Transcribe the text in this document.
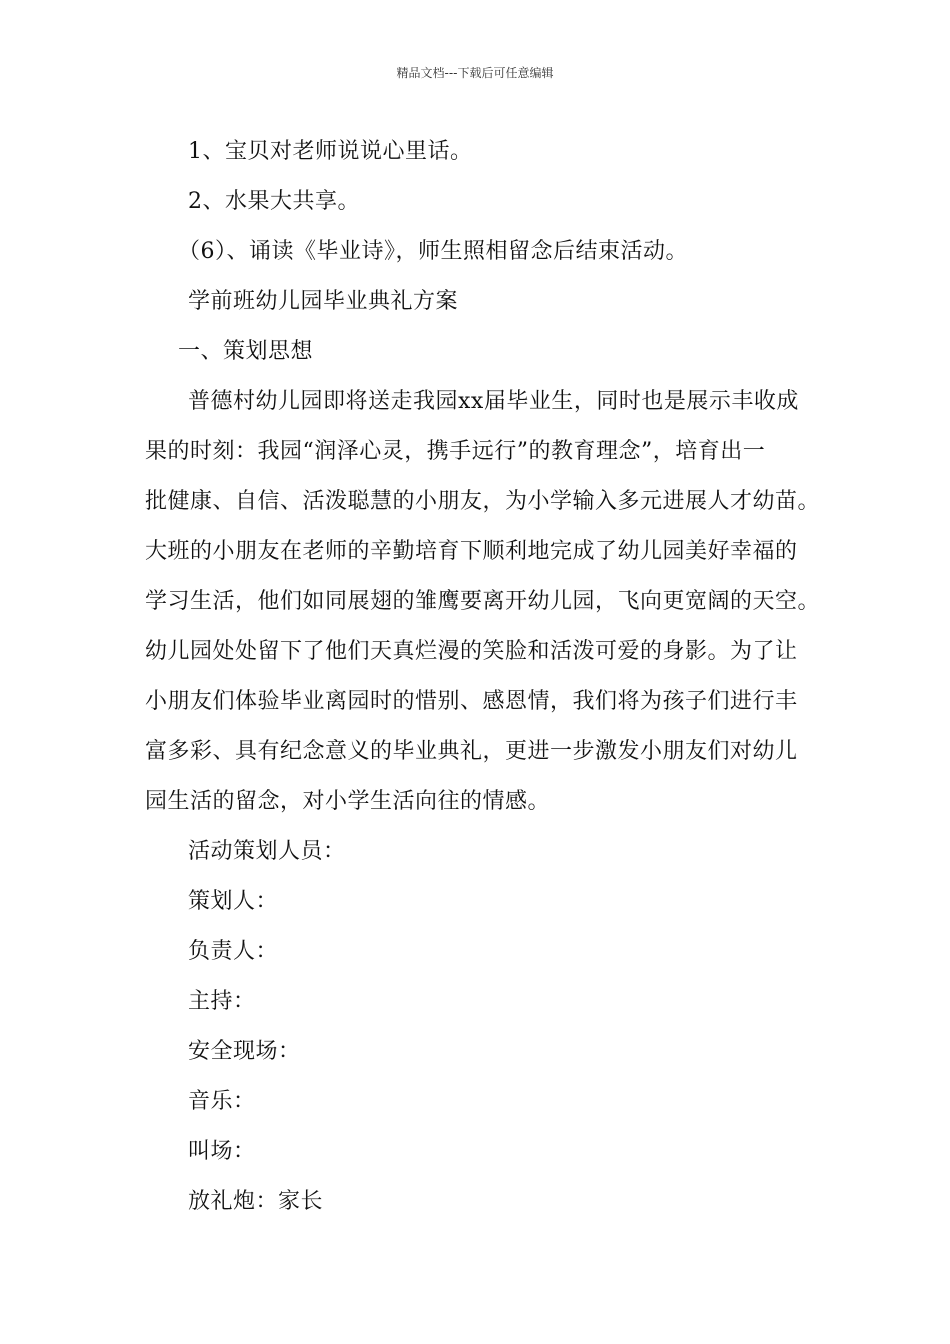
精品文档---下载后可任意编辑
1、宝贝对老师说说心里话。
2、水果大共享。
（6）、诵读《毕业诗》，师生照相留念后结束活动。
学前班幼儿园毕业典礼方案
一、策划思想
普德村幼儿园即将送走我园xx届毕业生，同时也是展示丰收成
果的时刻：我园“润泽心灵，携手远行”的教育理念”，培育出一
批健康、自信、活泼聪慧的小朋友，为小学输入多元进展人才幼苗。
大班的小朋友在老师的辛勤培育下顺利地完成了幼儿园美好幸福的
学习生活，他们如同展翅的雏鹰要离开幼儿园，飞向更宽阔的天空。
幼儿园处处留下了他们天真烂漫的笑脸和活泼可爱的身影。为了让
小朋友们体验毕业离园时的惜别、感恩情，我们将为孩子们进行丰
富多彩、具有纪念意义的毕业典礼，更进一步激发小朋友们对幼儿
园生活的留念，对小学生活向往的情感。
活动策划人员：
策划人：
负责人：
主持：
安全现场：
音乐：
叫场：
放礼炮：家长
